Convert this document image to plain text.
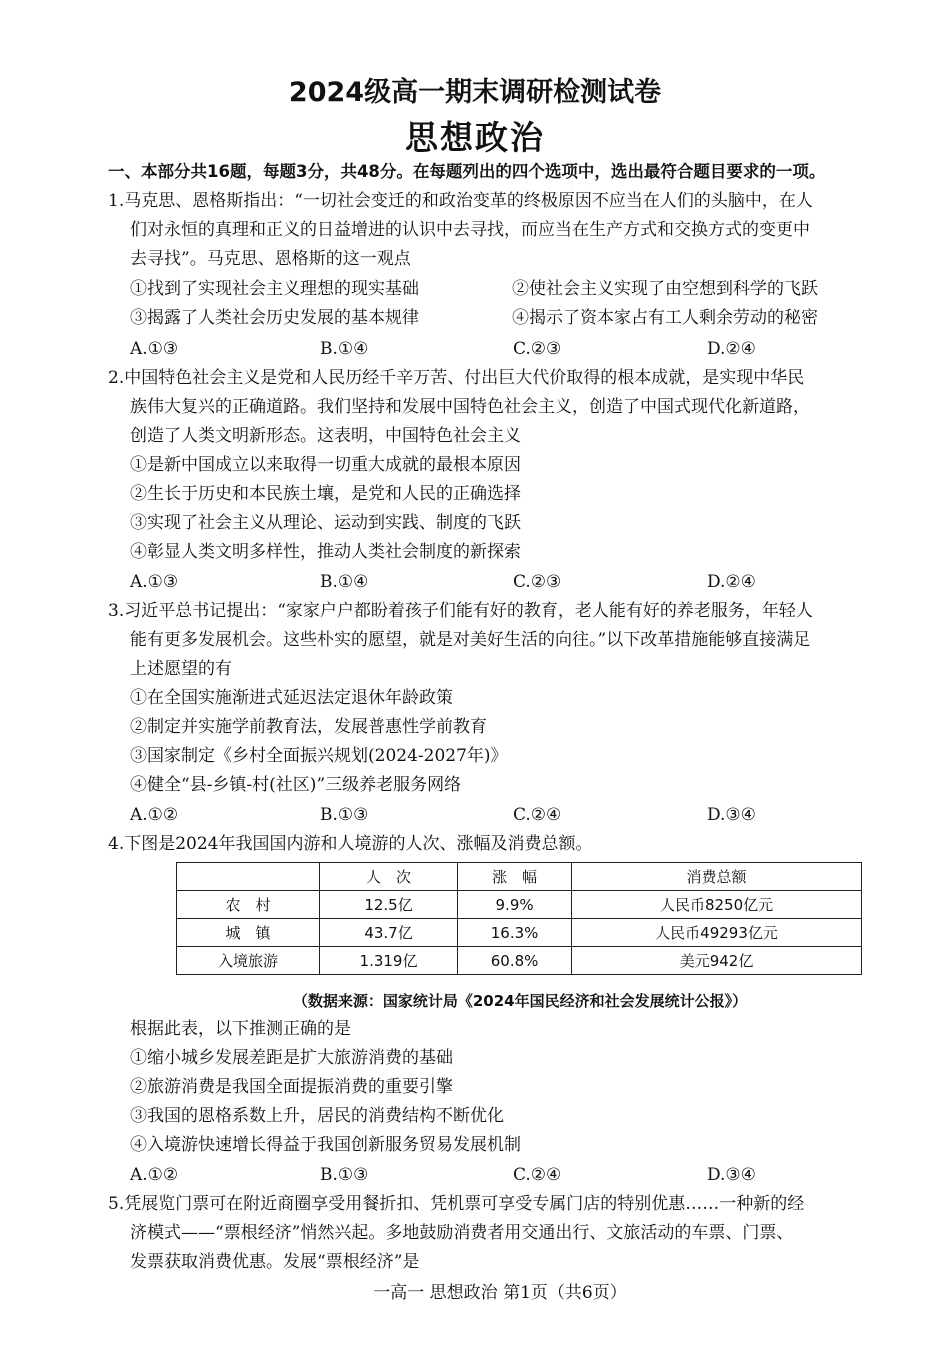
2024级高一期末调研检测试卷
思想政治
一、本部分共16题，每题3分，共48分。在每题列出的四个选项中，选出最符合题目要求的一项。
1.马克思、恩格斯指出：“一切社会变迁的和政治变革的终极原因不应当在人们的头脑中，在人
们对永恒的真理和正义的日益增进的认识中去寻找，而应当在生产方式和交换方式的变更中
去寻找”。马克思、恩格斯的这一观点
①找到了实现社会主义理想的现实基础	②使社会主义实现了由空想到科学的飞跃
③揭露了人类社会历史发展的基本规律	④揭示了资本家占有工人剩余劳动的秘密
A.①③	B.①④	C.②③	D.②④
2.中国特色社会主义是党和人民历经千辛万苦、付出巨大代价取得的根本成就，是实现中华民
族伟大复兴的正确道路。我们坚持和发展中国特色社会主义，创造了中国式现代化新道路，
创造了人类文明新形态。这表明，中国特色社会主义
①是新中国成立以来取得一切重大成就的最根本原因
②生长于历史和本民族土壤，是党和人民的正确选择
③实现了社会主义从理论、运动到实践、制度的飞跃
④彰显人类文明多样性，推动人类社会制度的新探索
A.①③	B.①④	C.②③	D.②④
3.习近平总书记提出：“家家户户都盼着孩子们能有好的教育，老人能有好的养老服务，年轻人
能有更多发展机会。这些朴实的愿望，就是对美好生活的向往。”以下改革措施能够直接满足
上述愿望的有
①在全国实施渐进式延迟法定退休年龄政策
②制定并实施学前教育法，发展普惠性学前教育
③国家制定《乡村全面振兴规划(2024-2027年)》
④健全“县-乡镇-村(社区)”三级养老服务网络
A.①②	B.①③	C.②④	D.③④
4.下图是2024年我国国内游和人境游的人次、涨幅及消费总额。
	人　次	涨　幅	消费总额
农　村	12.5亿	9.9%	人民币8250亿元
城　镇	43.7亿	16.3%	人民币49293亿元
入境旅游	1.319亿	60.8%	美元942亿
（数据来源：国家统计局《2024年国民经济和社会发展统计公报》）
根据此表，以下推测正确的是
①缩小城乡发展差距是扩大旅游消费的基础
②旅游消费是我国全面提振消费的重要引擎
③我国的恩格系数上升，居民的消费结构不断优化
④入境游快速增长得益于我国创新服务贸易发展机制
A.①②	B.①③	C.②④	D.③④
5.凭展览门票可在附近商圈享受用餐折扣、凭机票可享受专属门店的特别优惠……一种新的经
济模式——“票根经济”悄然兴起。多地鼓励消费者用交通出行、文旅活动的车票、门票、
发票获取消费优惠。发展“票根经济”是
一高一 思想政治 第1页（共6页）
